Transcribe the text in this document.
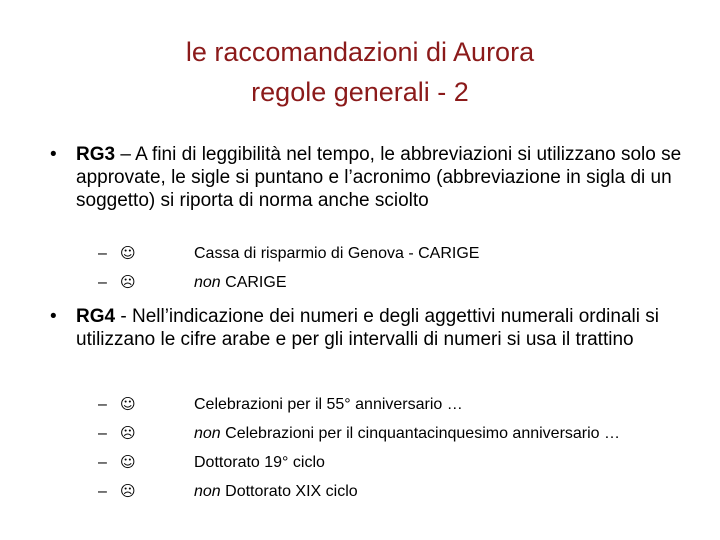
le raccomandazioni di Aurora
regole generali - 2
• RG3 – A fini di leggibilità nel tempo, le abbreviazioni si utilizzano solo se approvate, le sigle si puntano e l’acronimo (abbreviazione in sigla di un soggetto) si riporta di norma anche sciolto
– ☺	Cassa di risparmio di Genova - CARIGE
– ☹	non CARIGE
• RG4 - Nell’indicazione dei numeri e degli aggettivi numerali ordinali si utilizzano le cifre arabe e per gli intervalli di numeri si usa il trattino
– ☺	Celebrazioni per il 55° anniversario …
– ☹	non Celebrazioni per il cinquantacinquesimo anniversario …
– ☺	Dottorato 19° ciclo
– ☹	non Dottorato XIX ciclo
